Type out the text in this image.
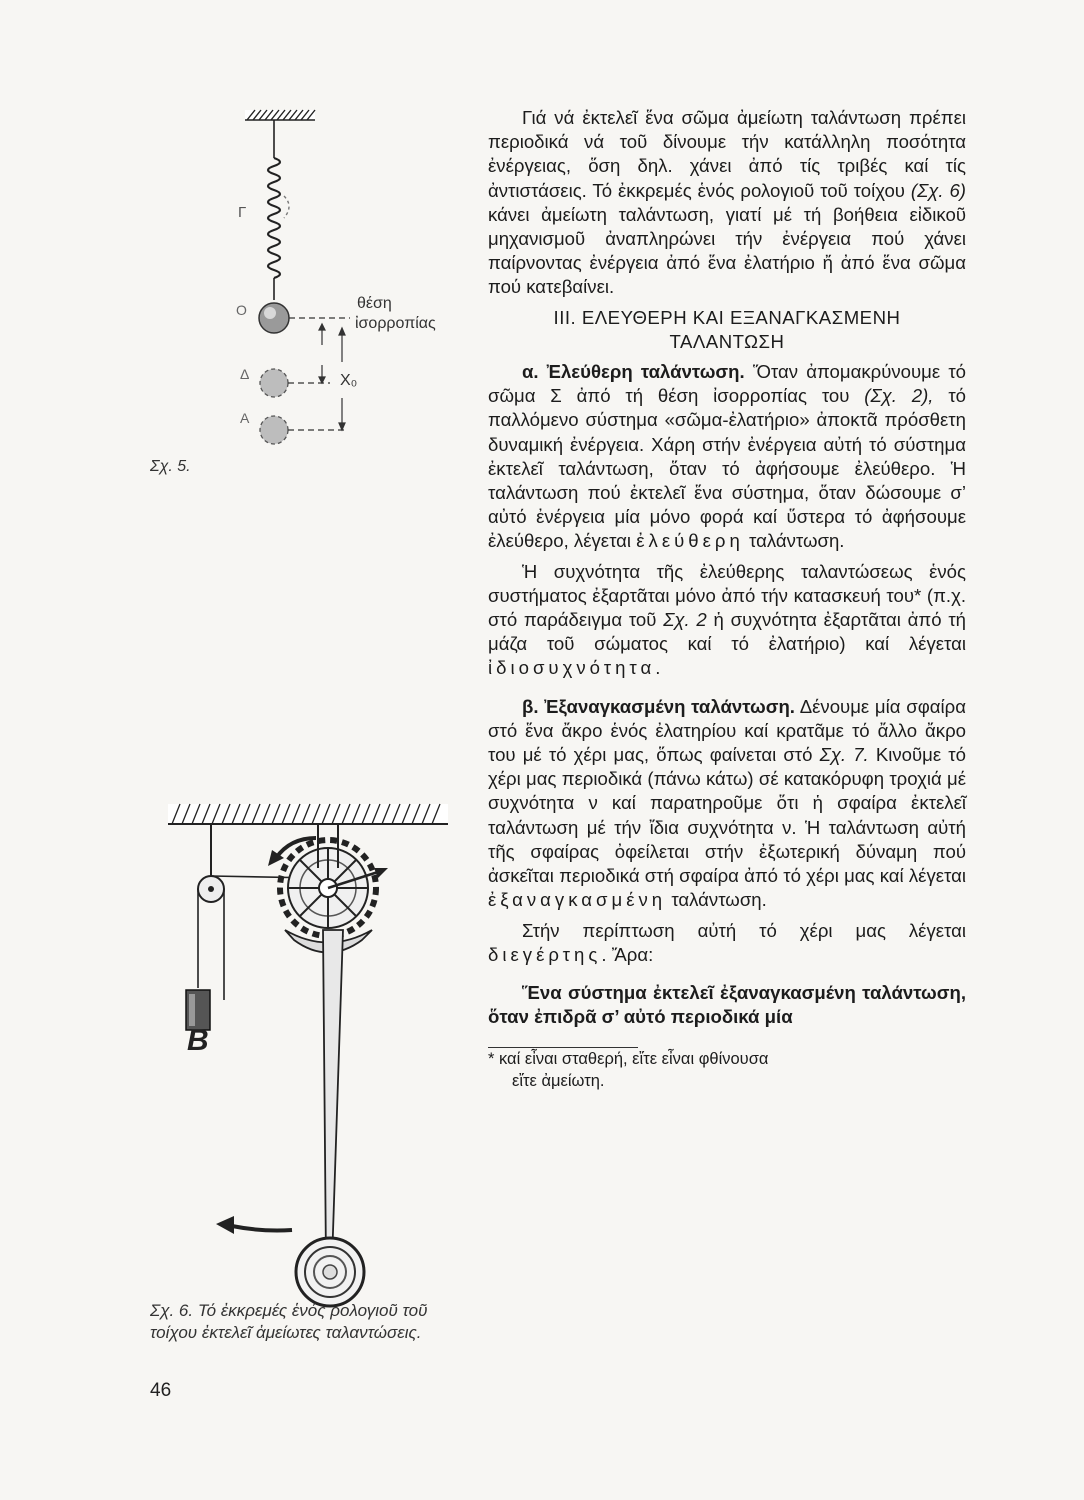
θέση
ἰσορροπίας
X₀
Γ
Ο
Δ
Α
B
Σχ. 5.
Σχ. 6. Τό ἐκκρεμές ἑνός ρολογιοῦ τοῦ τοίχου ἐκτελεῖ ἀμείωτες ταλαντώσεις.
46

Γιά νά ἐκτελεῖ ἕνα σῶμα ἀμείωτη ταλάντωση πρέπει περιοδικά νά τοῦ δίνουμε τήν κατάλληλη ποσότητα ἐνέργειας, ὅση δηλ. χάνει ἀπό τίς τριβές καί τίς ἀντιστάσεις. Τό ἐκκρεμές ἑνός ρολογιοῦ τοῦ τοίχου (Σχ. 6) κάνει ἀμείωτη ταλάντωση, γιατί μέ τή βοήθεια εἰδικοῦ μηχανισμοῦ ἀναπληρώνει τήν ἐνέργεια πού χάνει παίρνοντας ἐνέργεια ἀπό ἕνα ἐλατήριο ἤ ἀπό ἕνα σῶμα πού κατεβαίνει.

ΙΙΙ. ΕΛΕΥΘΕΡΗ ΚΑΙ ΕΞΑΝΑΓΚΑΣΜΕΝΗ
ΤΑΛΑΝΤΩΣΗ

α. Ἐλεύθερη ταλάντωση. Ὅταν ἀπομακρύνουμε τό σῶμα Σ ἀπό τή θέση ἰσορροπίας του (Σχ. 2), τό παλλόμενο σύστημα «σῶμα-ἐλατήριο» ἀποκτᾶ πρόσθετη δυναμική ἐνέργεια. Χάρη στήν ἐνέργεια αὐτή τό σύστημα ἐκτελεῖ ταλάντωση, ὅταν τό ἀφήσουμε ἐλεύθερο. Ἡ ταλάντωση πού ἐκτελεῖ ἕνα σύστημα, ὅταν δώσουμε σ’ αὐτό ἐνέργεια μία μόνο φορά καί ὕστερα τό ἀφήσουμε ἐλεύθερο, λέγεται ἐλεύθερη ταλάντωση.

Ἡ συχνότητα τῆς ἐλεύθερης ταλαντώσεως ἑνός συστήματος ἐξαρτᾶται μόνο ἀπό τήν κατασκευή του* (π.χ. στό παράδειγμα τοῦ Σχ. 2 ἡ συχνότητα ἐξαρτᾶται ἀπό τή μάζα τοῦ σώματος καί τό ἐλατήριο) καί λέγεται ἰδιοσυχνότητα.

β. Ἐξαναγκασμένη ταλάντωση. Δένουμε μία σφαίρα στό ἕνα ἄκρο ἑνός ἐλατηρίου καί κρατᾶμε τό ἄλλο ἄκρο του μέ τό χέρι μας, ὅπως φαίνεται στό Σχ. 7. Κινοῦμε τό χέρι μας περιοδικά (πάνω κάτω) σέ κατακόρυφη τροχιά μέ συχνότητα ν καί παρατηροῦμε ὅτι ἡ σφαίρα ἐκτελεῖ ταλάντωση μέ τήν ἴδια συχνότητα ν. Ἡ ταλάντωση αὐτή τῆς σφαίρας ὀφείλεται στήν ἐξωτερική δύναμη πού ἀσκεῖται περιοδικά στή σφαίρα ἀπό τό χέρι μας καί λέγεται ἐξαναγκασμένη ταλάντωση.

Στήν περίπτωση αὐτή τό χέρι μας λέγεται διεγέρτης. Ἄρα:

Ἕνα σύστημα ἐκτελεῖ ἐξαναγκασμένη ταλάντωση, ὅταν ἐπιδρᾶ σ’ αὐτό περιοδικά μία

* καί εἶναι σταθερή, εἴτε εἶναι φθίνουσα
εἴτε ἀμείωτη.
